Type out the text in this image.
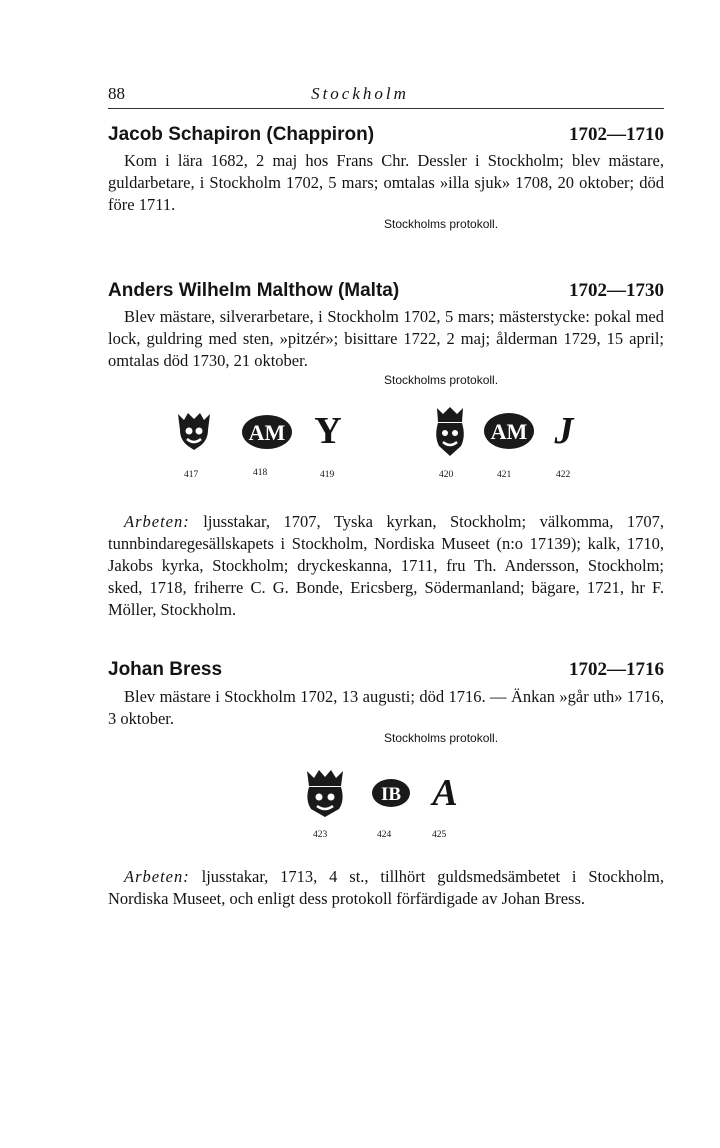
88	Stockholm
Jacob Schapiron (Chappiron)	1702—1710

Kom i lära 1682, 2 maj hos Frans Chr. Dessler i Stockholm; blev mästare, guldarbetare, i Stockholm 1702, 5 mars; omtalas »illa sjuk» 1708, 20 oktober; död före 1711.

Stockholms protokoll.
Anders Wilhelm Malthow (Malta)	1702—1730

Blev mästare, silverarbetare, i Stockholm 1702, 5 mars; mästerstycke: pokal med lock, guldring med sten, »pitzér»; bisittare 1722, 2 maj; ålderman 1729, 15 april; omtalas död 1730, 21 oktober.

Stockholms protokoll.
AM Y	AM J
417	418	419	420	421	422

Arbeten: ljusstakar, 1707, Tyska kyrkan, Stockholm; välkomma, 1707, tunnbindaregesällskapets i Stockholm, Nordiska Museet (n:o 17139); kalk, 1710, Jakobs kyrka, Stockholm; dryckeskanna, 1711, fru Th. Andersson, Stockholm; sked, 1718, friherre C. G. Bonde, Ericsberg, Södermanland; bägare, 1721, hr F. Möller, Stockholm.

Johan Bress	1702—1716

Blev mästare i Stockholm 1702, 13 augusti; död 1716. — Änkan »går uth» 1716, 3 oktober.

Stockholms protokoll.
IB A
423	424	425

Arbeten: ljusstakar, 1713, 4 st., tillhört guldsmedsämbetet i Stockholm, Nordiska Museet, och enligt dess protokoll förfärdigade av Johan Bress.
